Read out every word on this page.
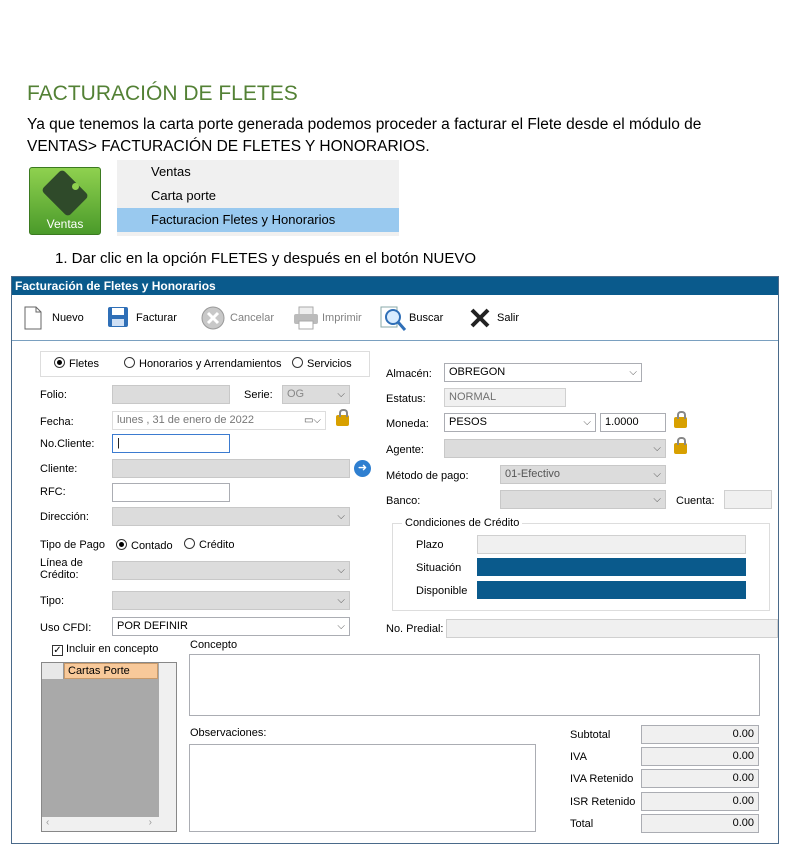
FACTURACIÓN DE FLETES
Ya que tenemos la carta porte generada podemos proceder a facturar el Flete desde el módulo de VENTAS> FACTURACIÓN DE FLETES Y HONORARIOS.
Ventas
Ventas
Carta porte
Facturacion Fletes y Honorarios
1. Dar clic en la opción FLETES y después en el botón NUEVO
Facturación de Fletes y Honorarios
Nuevo	Facturar	Cancelar	Imprimir	Buscar	Salir
Fletes	Honorarios y Arrendamientos	Servicios
Folio:	Serie:	OG	⌵
Fecha:	lunes , 31 de enero de 2022	▭⌵
No.Cliente:	|
Cliente:	➜
RFC:
Dirección:	⌵
Tipo de Pago	Contado	Crédito
Línea de Crédito:	⌵
Tipo:	⌵
Uso CFDI:	POR DEFINIR	⌵
✓ Incluir en concepto
Cartas Porte
‹	›
Concepto
Observaciones:
Almacén:	OBREGON	⌵
Estatus:	NORMAL
Moneda:	PESOS	⌵	1.0000
Agente:	⌵
Método de pago:	01-Efectivo	⌵
Banco:	⌵ Cuenta:
Condiciones de Crédito
Plazo
Situación
Disponible
No. Predial:
Subtotal	0.00
IVA	0.00
IVA Retenido	0.00
ISR Retenido	0.00
Total	0.00
